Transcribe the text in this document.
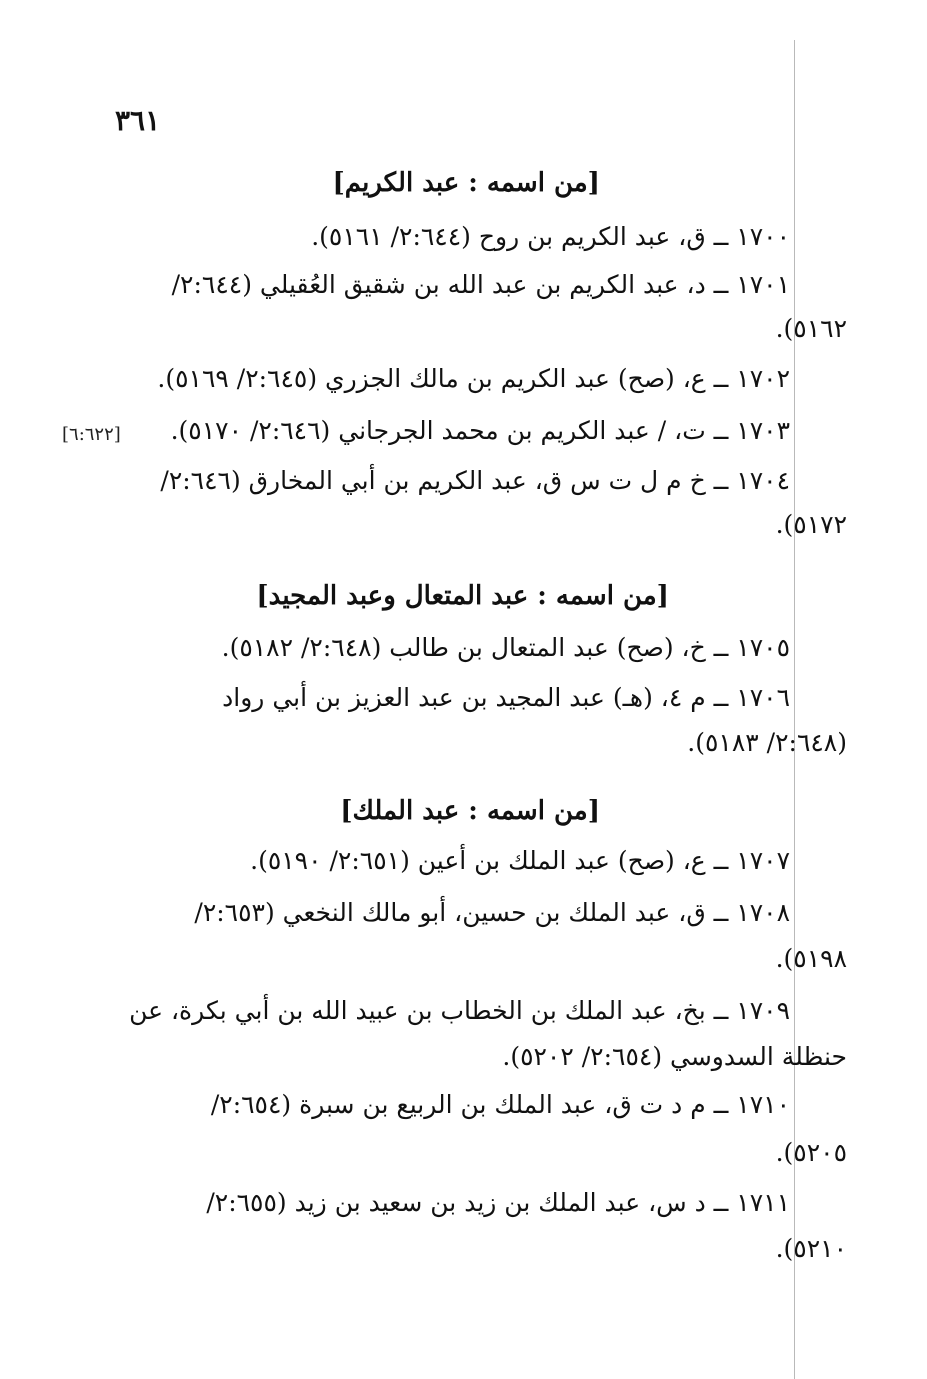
٣٦١
[من اسمه : عبد الكريم]
١٧٠٠ ــ ق، عبد الكريم بن روح (٢:٦٤٤/ ٥١٦١).
١٧٠١ ــ د، عبد الكريم بن عبد الله بن شقيق العُقيلي (٢:٦٤٤/
٥١٦٢).
١٧٠٢ ــ ع، (صح) عبد الكريم بن مالك الجزري (٢:٦٤٥/ ٥١٦٩).
١٧٠٣ ــ ت، / عبد الكريم بن محمد الجرجاني (٢:٦٤٦/ ٥١٧٠).
[٦:٦٢٢]
١٧٠٤ ــ خ م ل ت س ق، عبد الكريم بن أبي المخارق (٢:٦٤٦/
٥١٧٢).
[من اسمه : عبد المتعال وعبد المجيد]
١٧٠٥ ــ خ، (صح) عبد المتعال بن طالب (٢:٦٤٨/ ٥١٨٢).
١٧٠٦ ــ م ٤، (هـ) عبد المجيد بن عبد العزيز بن أبي رواد
(٢:٦٤٨/ ٥١٨٣).
[من اسمه : عبد الملك]
١٧٠٧ ــ ع، (صح) عبد الملك بن أعين (٢:٦٥١/ ٥١٩٠).
١٧٠٨ ــ ق، عبد الملك بن حسين، أبو مالك النخعي (٢:٦٥٣/
٥١٩٨).
١٧٠٩ ــ بخ، عبد الملك بن الخطاب بن عبيد الله بن أبي بكرة، عن
حنظلة السدوسي (٢:٦٥٤/ ٥٢٠٢).
١٧١٠ ــ م د ت ق، عبد الملك بن الربيع بن سبرة (٢:٦٥٤/
٥٢٠٥).
١٧١١ ــ د س، عبد الملك بن زيد بن سعيد بن زيد (٢:٦٥٥/
٥٢١٠).
